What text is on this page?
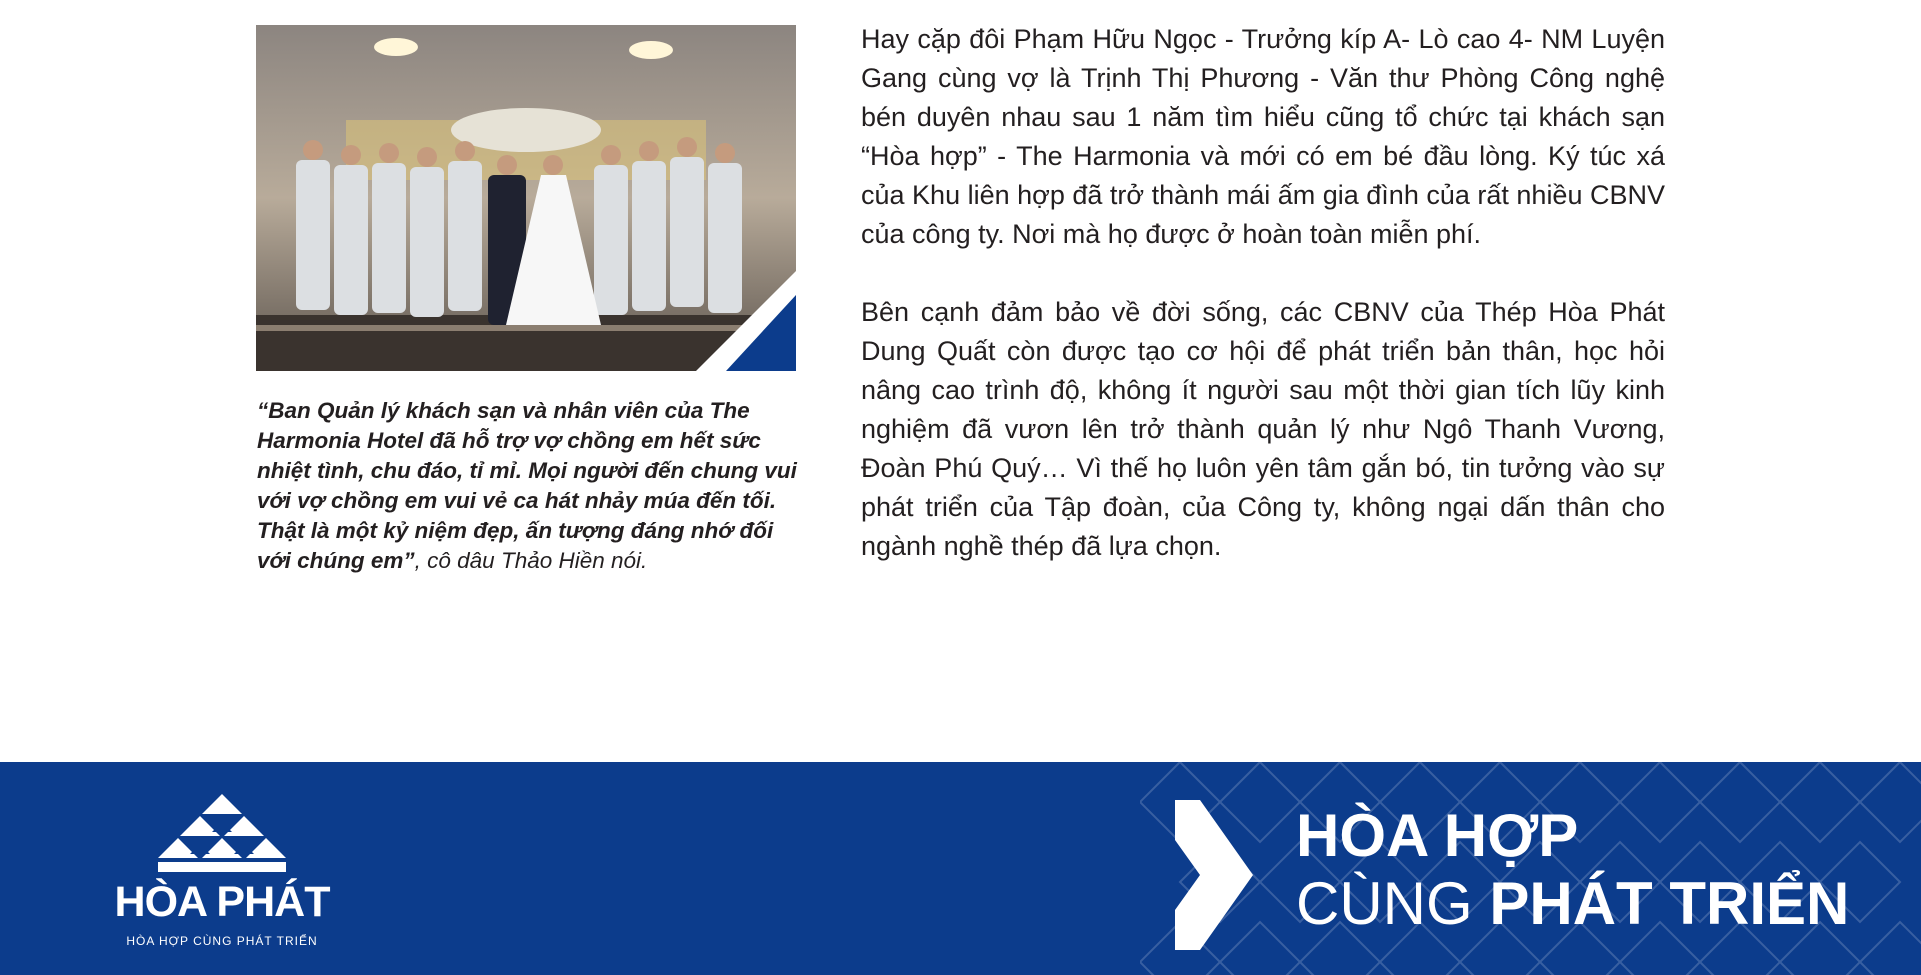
“Ban Quản lý khách sạn và nhân viên của The Harmonia Hotel đã hỗ trợ vợ chồng em hết sức nhiệt tình, chu đáo, tỉ mỉ. Mọi người đến chung vui với vợ chồng em vui vẻ ca hát nhảy múa đến tối. Thật là một kỷ niệm đẹp, ấn tượng đáng nhớ đối với chúng em”, cô dâu Thảo Hiền nói.

Hay cặp đôi Phạm Hữu Ngọc - Trưởng kíp A- Lò cao 4- NM Luyện Gang cùng vợ là Trịnh Thị Phương - Văn thư Phòng Công nghệ bén duyên nhau sau 1 năm tìm hiểu cũng tổ chức tại khách sạn “Hòa hợp” - The Harmonia và mới có em bé đầu lòng. Ký túc xá của Khu liên hợp đã trở thành mái ấm gia đình của rất nhiều CBNV của công ty. Nơi mà họ được ở hoàn toàn miễn phí.

Bên cạnh đảm bảo về đời sống, các CBNV của Thép Hòa Phát Dung Quất còn được tạo cơ hội để phát triển bản thân, học hỏi nâng cao trình độ, không ít người sau một thời gian tích lũy kinh nghiệm đã vươn lên trở thành quản lý như Ngô Thanh Vương, Đoàn Phú Quý… Vì thế họ luôn yên tâm gắn bó, tin tưởng vào sự phát triển của Tập đoàn, của Công ty, không ngại dấn thân cho ngành nghề thép đã lựa chọn.

HÒA PHÁT
HÒA HỢP CÙNG PHÁT TRIỂN
HÒA HỢP
CÙNG PHÁT TRIỂN
